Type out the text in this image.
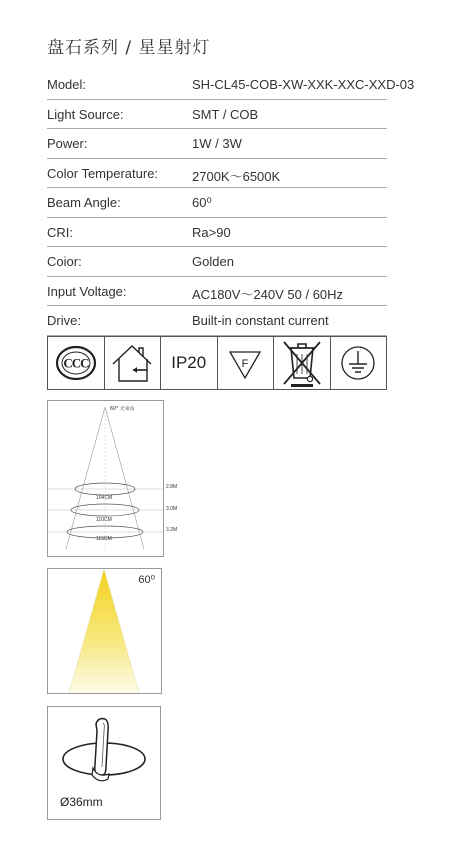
盘石系列 / 星星射灯
Model:	SH-CL45-COB-XW-XXK-XXC-XXD-03
Light Source:	SMT / COB
Power:	1W / 3W
Color Temperature:	2700K～6500K
Beam Angle:	60⁰
CRI:	Ra>90
Coior:	Golden
Input Voltage:	AC180V～240V 50 / 60Hz
Drive:	Built-in constant current
CCC	IP20	F
60° 光束角
104CM
110CM
115CM
2.8M
3.0M
3.2M
60⁰
Ø36mm
